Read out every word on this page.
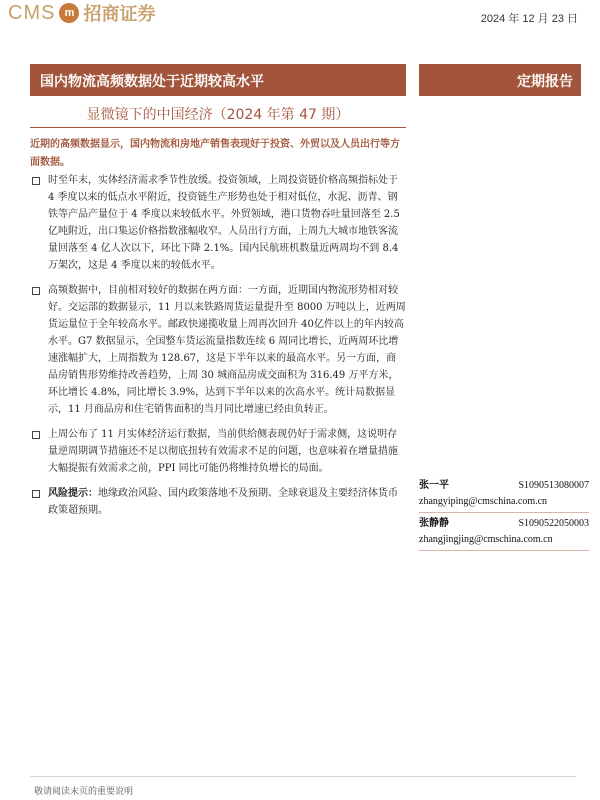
CMS m 招商证券	2024 年 12 月 23 日
国内物流高频数据处于近期较高水平	定期报告
显微镜下的中国经济（2024 年第 47 期）
近期的高频数据显示，国内物流和房地产销售表现好于投资、外贸以及人员出行等方面数据。
时至年末，实体经济需求季节性放缓。投资领域，上周投资链价格高频指标处于 4 季度以来的低点水平附近，投资链生产形势也处于相对低位，水泥、沥青、钢铁等产品产量位于 4 季度以来较低水平。外贸领域，港口货物吞吐量回落至 2.5 亿吨附近，出口集运价格指数涨幅收窄。人员出行方面，上周九大城市地铁客流量回落至 4 亿人次以下，环比下降 2.1%。国内民航班机数量近两周均不到 8.4 万架次，这是 4 季度以来的较低水平。
高频数据中，目前相对较好的数据在两方面：一方面，近期国内物流形势相对较好。交运部的数据显示，11 月以来铁路周货运量提升至 8000 万吨以上，近两周货运量位于全年较高水平。邮政快递揽收量上周再次回升 40亿件以上的年内较高水平。G7 数据显示，全国整车货运流量指数连续 6 周同比增长，近两周环比增速涨幅扩大，上周指数为 128.67，这是下半年以来的最高水平。另一方面，商品房销售形势维持改善趋势，上周 30 城商品房成交面积为 316.49 万平方米，环比增长 4.8%，同比增长 3.9%，达到下半年以来的次高水平。统计局数据显示，11 月商品房和住宅销售面积的当月同比增速已经由负转正。
上周公布了 11 月实体经济运行数据，当前供给侧表现仍好于需求侧，这说明存量逆周期调节措施还不足以彻底扭转有效需求不足的问题，也意味着在增量措施大幅提振有效需求之前，PPI 同比可能仍将维持负增长的局面。
风险提示：地缘政治风险、国内政策落地不及预期、全球衰退及主要经济体货币政策超预期。
张一平	S1090513080007
zhangyiping@cmschina.com.cn
张静静	S1090522050003
zhangjingjing@cmschina.com.cn
敬请阅读末页的重要说明
